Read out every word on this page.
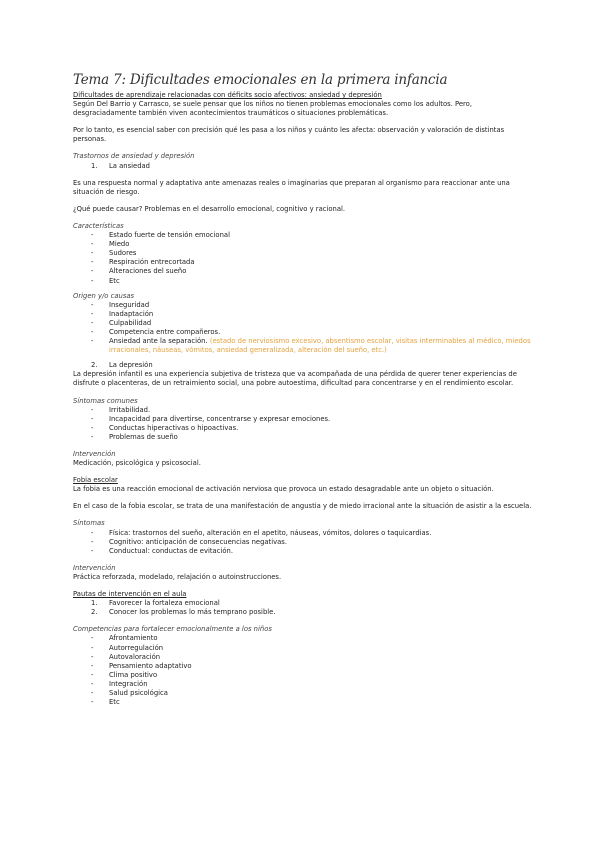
Tema 7: Dificultades emocionales en la primera infancia

Dificultades de aprendizaje relacionadas con déficits socio afectivos: ansiedad y depresión

Según Del Barrio y Carrasco, se suele pensar que los niños no tienen problemas emocionales como los adultos. Pero, desgraciadamente también viven acontecimientos traumáticos o situaciones problemáticas.

Por lo tanto, es esencial saber con precisión qué les pasa a los niños y cuánto les afecta: observación y valoración de distintas personas.

Trastornos de ansiedad y depresión

1. La ansiedad

Es una respuesta normal y adaptativa ante amenazas reales o imaginarias que preparan al organismo para reaccionar ante una situación de riesgo.

¿Qué puede causar? Problemas en el desarrollo emocional, cognitivo y racional.

Características

- Estado fuerte de tensión emocional
- Miedo
- Sudores
- Respiración entrecortada
- Alteraciones del sueño
- Etc

Origen y/o causas

- Inseguridad
- Inadaptación
- Culpabilidad
- Competencia entre compañeros.
- Ansiedad ante la separación. (estado de nerviosismo excesivo, absentismo escolar, visitas interminables al médico, miedos irracionales, náuseas, vómitos, ansiedad generalizada, alteración del sueño, etc.)
2. La depresión

La depresión infantil es una experiencia subjetiva de tristeza que va acompañada de una pérdida de querer tener experiencias de disfrute o placenteras, de un retraimiento social, una pobre autoestima, dificultad para concentrarse y en el rendimiento escolar.

Síntomas comunes

- Irritabilidad.
- Incapacidad para divertirse, concentrarse y expresar emociones.
- Conductas hiperactivas o hipoactivas.
- Problemas de sueño

Intervención

Medicación, psicológica y psicosocial.

Fobia escolar

La fobia es una reacción emocional de activación nerviosa que provoca un estado desagradable ante un objeto o situación.

En el caso de la fobia escolar, se trata de una manifestación de angustia y de miedo irracional ante la situación de asistir a la escuela.

Síntomas

- Física: trastornos del sueño, alteración en el apetito, náuseas, vómitos, dolores o taquicardias.
- Cognitivo: anticipación de consecuencias negativas.
- Conductual: conductas de evitación.

Intervención

Práctica reforzada, modelado, relajación o autoinstrucciones.

Pautas de intervención en el aula

1. Favorecer la fortaleza emocional
2. Conocer los problemas lo más temprano posible.

Competencias para fortalecer emocionalmente a los niños

- Afrontamiento
- Autorregulación
- Autovaloración
- Pensamiento adaptativo
- Clima positivo
- Integración
- Salud psicológica
- Etc
